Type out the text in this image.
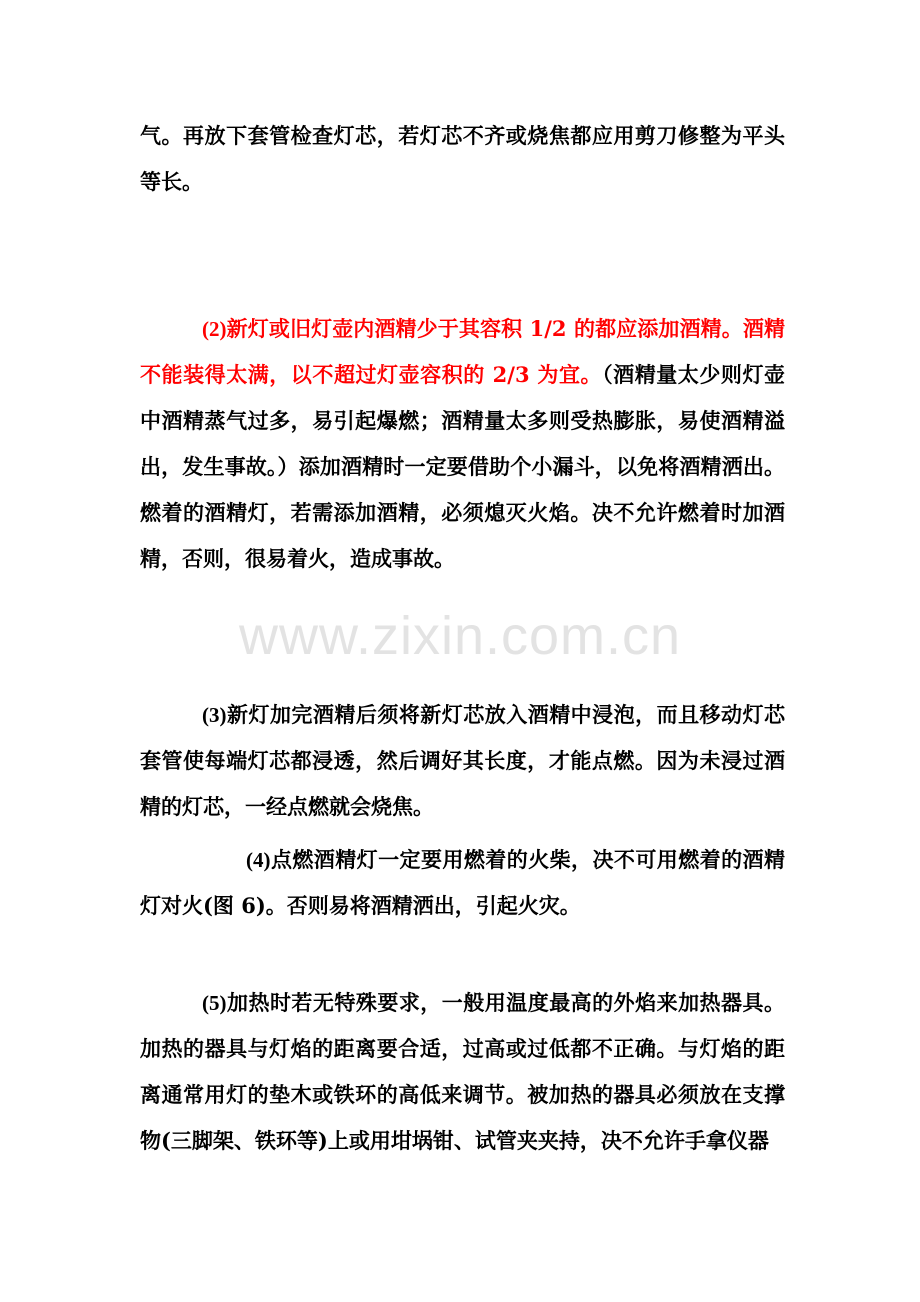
气。再放下套管检查灯芯，若灯芯不齐或烧焦都应用剪刀修整为平头等长。

(2)新灯或旧灯壶内酒精少于其容积 1/2 的都应添加酒精。酒精不能装得太满，以不超过灯壶容积的 2/3 为宜。（酒精量太少则灯壶中酒精蒸气过多，易引起爆燃；酒精量太多则受热膨胀，易使酒精溢出，发生事故。）添加酒精时一定要借助个小漏斗，以免将酒精洒出。燃着的酒精灯，若需添加酒精，必须熄灭火焰。决不允许燃着时加酒精，否则，很易着火，造成事故。

www.zixin.com.cn

(3)新灯加完酒精后须将新灯芯放入酒精中浸泡，而且移动灯芯套管使每端灯芯都浸透，然后调好其长度，才能点燃。因为未浸过酒精的灯芯，一经点燃就会烧焦。

(4)点燃酒精灯一定要用燃着的火柴，决不可用燃着的酒精灯对火(图 6)。否则易将酒精洒出，引起火灾。

(5)加热时若无特殊要求，一般用温度最高的外焰来加热器具。加热的器具与灯焰的距离要合适，过高或过低都不正确。与灯焰的距离通常用灯的垫木或铁环的高低来调节。被加热的器具必须放在支撑物(三脚架、铁环等)上或用坩埚钳、试管夹夹持，决不允许手拿仪器
